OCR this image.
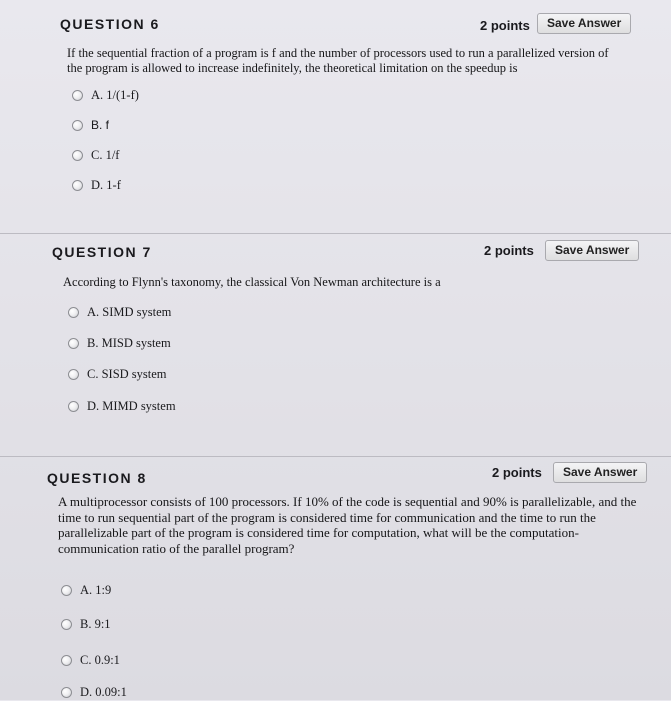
QUESTION 6	2 points	Save Answer
If the sequential fraction of a program is f and the number of processors used to run a parallelized version of
the program is allowed to increase indefinitely, the theoretical limitation on the speedup is
A. 1/(1-f)
B. f
C. 1/f
D. 1-f
QUESTION 7	2 points	Save Answer
According to Flynn's taxonomy, the classical Von Newman architecture is a
A. SIMD system
B. MISD system
C. SISD system
D. MIMD system
QUESTION 8	2 points	Save Answer
A multiprocessor consists of 100 processors. If 10% of the code is sequential and 90% is parallelizable, and the
time to run sequential part of the program is considered time for communication and the time to run the
parallelizable part of the program is considered time for computation, what will be the computation-
communication ratio of the parallel program?
A. 1:9
B. 9:1
C. 0.9:1
D. 0.09:1
